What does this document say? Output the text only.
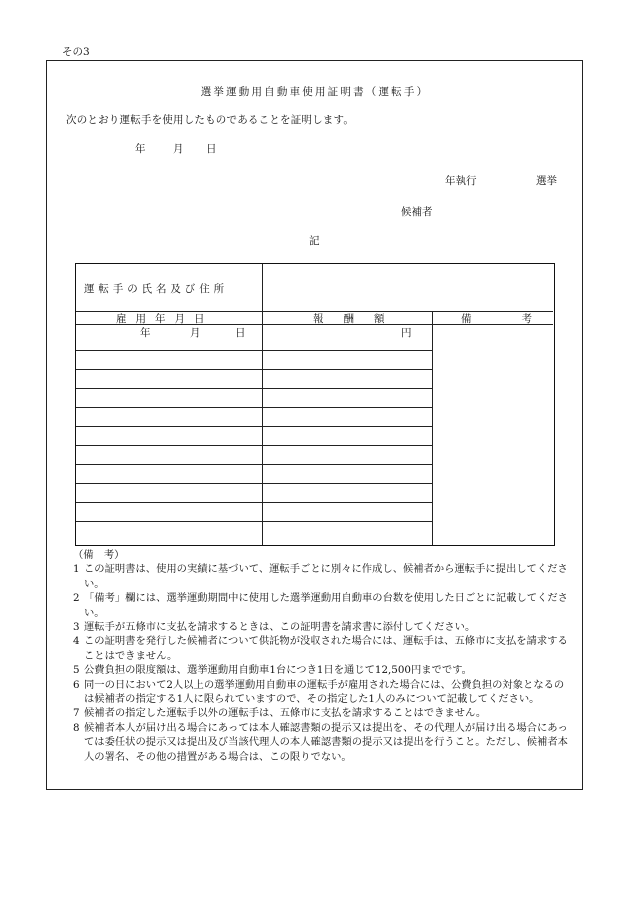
その3
選挙運動用自動車使用証明書（運転手）
次のとおり運転手を使用したものであることを証明します。
年	月 日
年執行	選挙
候補者
記
運転手の氏名及び住所
雇用年月日	報酬額	備考
年	月	日	円
（備　考）
1 この証明書は、使用の実績に基づいて、運転手ごとに別々に作成し、候補者から運転手に提出してください。
2 「備考」欄には、選挙運動期間中に使用した選挙運動用自動車の台数を使用した日ごとに記載してください。
3 運転手が五條市に支払を請求するときは、この証明書を請求書に添付してください。
4 この証明書を発行した候補者について供託物が没収された場合には、運転手は、五條市に支払を請求することはできません。
5 公費負担の限度額は、選挙運動用自動車1台につき1日を通じて12,500円までです。
6 同一の日において2人以上の選挙運動用自動車の運転手が雇用された場合には、公費負担の対象となるのは候補者の指定する1人に限られていますので、その指定した1人のみについて記載してください。
7 候補者の指定した運転手以外の運転手は、五條市に支払を請求することはできません。
8 候補者本人が届け出る場合にあっては本人確認書類の提示又は提出を、その代理人が届け出る場合にあっては委任状の提示又は提出及び当該代理人の本人確認書類の提示又は提出を行うこと。ただし、候補者本人の署名、その他の措置がある場合は、この限りでない。
